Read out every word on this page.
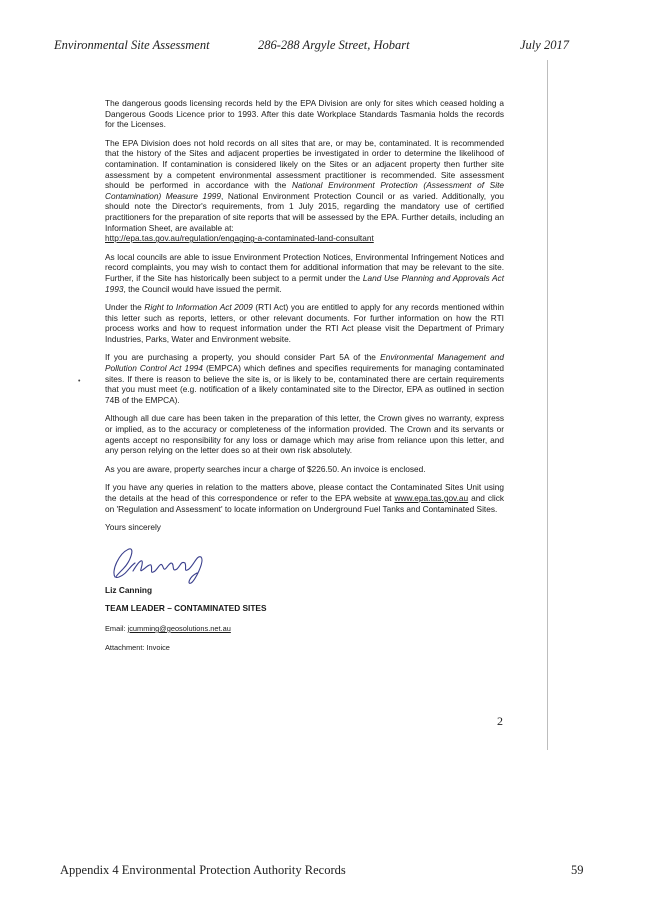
Environmental Site Assessment	286-288 Argyle Street, Hobart	July 2017

The dangerous goods licensing records held by the EPA Division are only for sites which ceased holding a Dangerous Goods Licence prior to 1993. After this date Workplace Standards Tasmania holds the records for the Licenses.

The EPA Division does not hold records on all sites that are, or may be, contaminated. It is recommended that the history of the Sites and adjacent properties be investigated in order to determine the likelihood of contamination. If contamination is considered likely on the Sites or an adjacent property then further site assessment by a competent environmental assessment practitioner is recommended. Site assessment should be performed in accordance with the National Environment Protection (Assessment of Site Contamination) Measure 1999, National Environment Protection Council or as varied. Additionally, you should note the Director's requirements, from 1 July 2015, regarding the mandatory use of certified practitioners for the preparation of site reports that will be assessed by the EPA. Further details, including an Information Sheet, are available at:
http://epa.tas.gov.au/regulation/engaging-a-contaminated-land-consultant

As local councils are able to issue Environment Protection Notices, Environmental Infringement Notices and record complaints, you may wish to contact them for additional information that may be relevant to the site. Further, if the Site has historically been subject to a permit under the Land Use Planning and Approvals Act 1993, the Council would have issued the permit.

Under the Right to Information Act 2009 (RTI Act) you are entitled to apply for any records mentioned within this letter such as reports, letters, or other relevant documents. For further information on how the RTI process works and how to request information under the RTI Act please visit the Department of Primary Industries, Parks, Water and Environment website.

If you are purchasing a property, you should consider Part 5A of the Environmental Management and Pollution Control Act 1994 (EMPCA) which defines and specifies requirements for managing contaminated sites. If there is reason to believe the site is, or is likely to be, contaminated there are certain requirements that you must meet (e.g. notification of a likely contaminated site to the Director, EPA as outlined in section 74B of the EMPCA).

Although all due care has been taken in the preparation of this letter, the Crown gives no warranty, express or implied, as to the accuracy or completeness of the information provided. The Crown and its servants or agents accept no responsibility for any loss or damage which may arise from reliance upon this letter, and any person relying on the letter does so at their own risk absolutely.

As you are aware, property searches incur a charge of $226.50. An invoice is enclosed.

If you have any queries in relation to the matters above, please contact the Contaminated Sites Unit using the details at the head of this correspondence or refer to the EPA website at www.epa.tas.gov.au and click on 'Regulation and Assessment' to locate information on Underground Fuel Tanks and Contaminated Sites.

Yours sincerely

Liz Canning

TEAM LEADER – CONTAMINATED SITES

Email: jcumming@geosolutions.net.au

Attachment: Invoice

•
2
Appendix 4 Environmental Protection Authority Records	59
